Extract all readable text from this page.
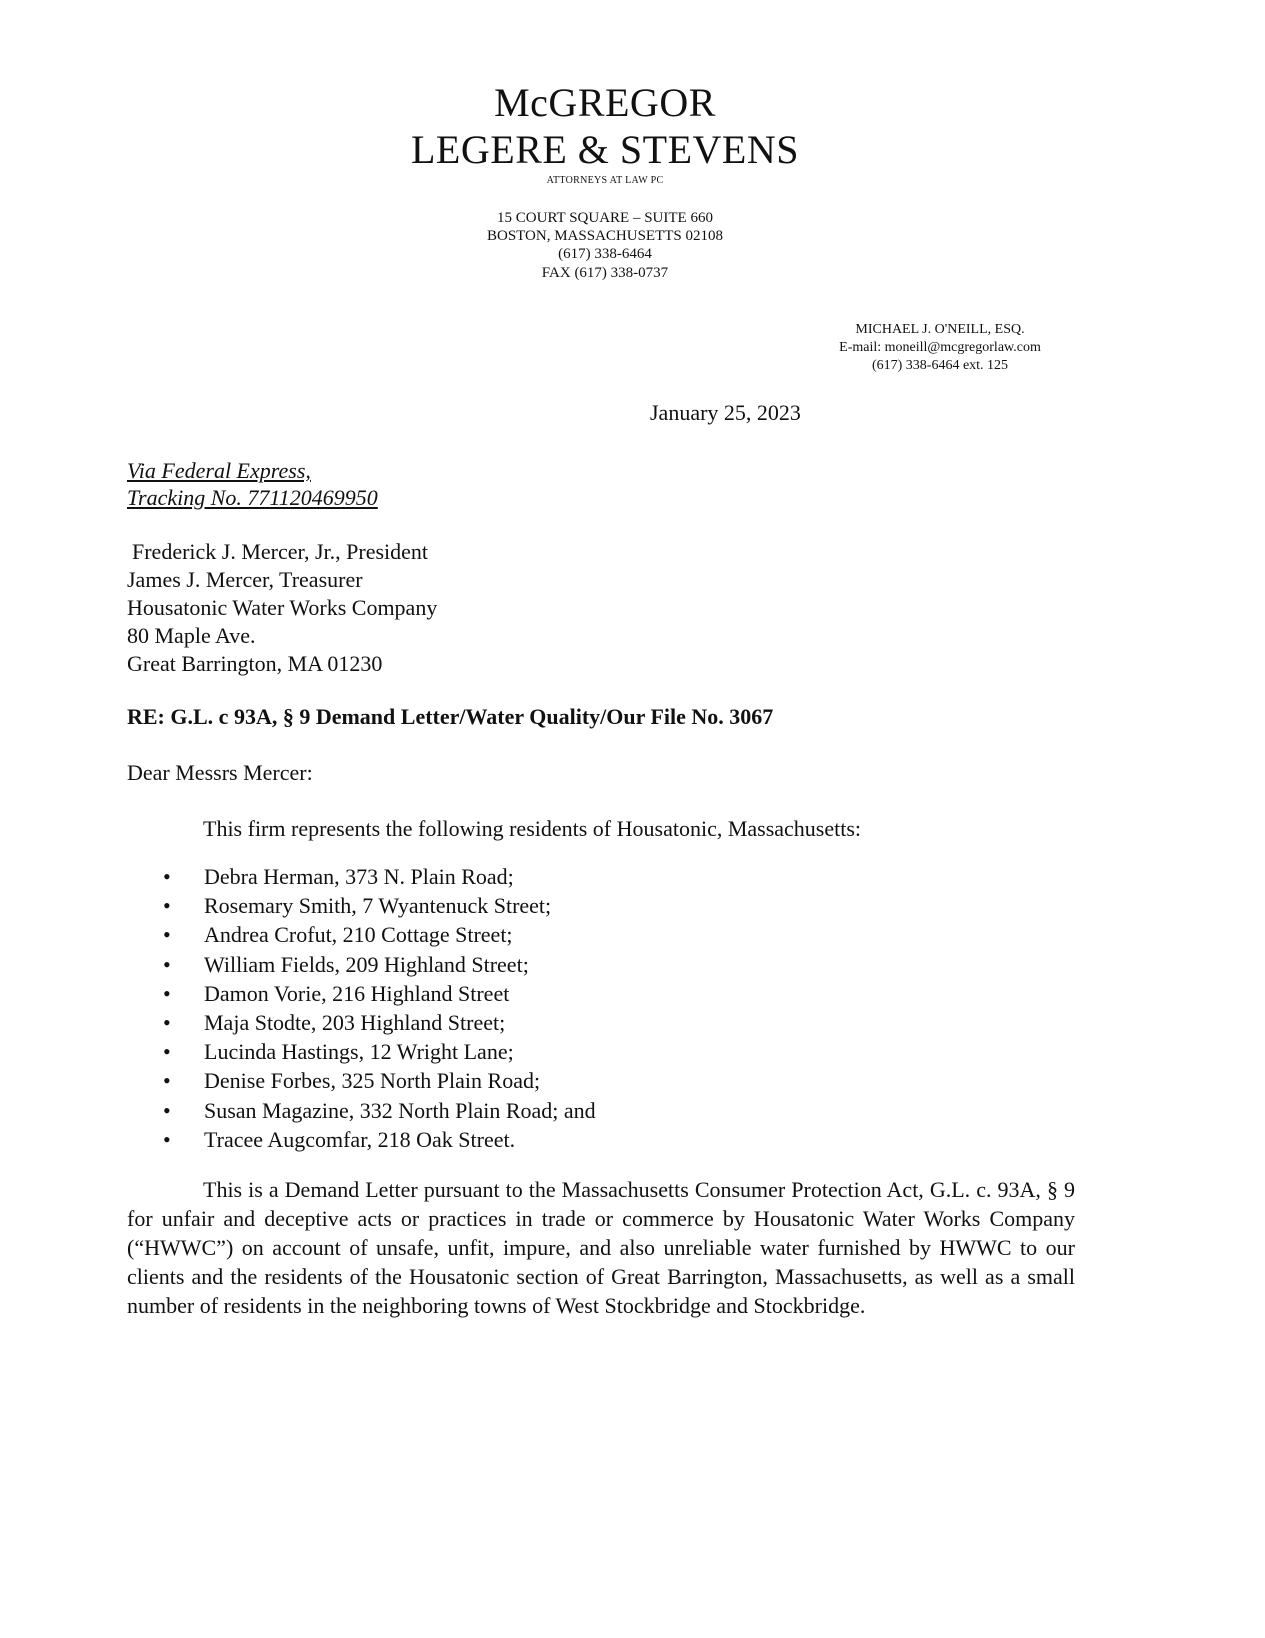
McGREGOR
LEGERE & STEVENS
ATTORNEYS AT LAW PC
15 COURT SQUARE – SUITE 660
BOSTON, MASSACHUSETTS 02108
(617) 338-6464
FAX (617) 338-0737
MICHAEL J. O'NEILL, ESQ.
E-mail: moneill@mcgregorlaw.com
(617) 338-6464 ext. 125
January 25, 2023
Via Federal Express,
Tracking No. 771120469950
Frederick J. Mercer, Jr., President
James J. Mercer, Treasurer
Housatonic Water Works Company
80 Maple Ave.
Great Barrington, MA 01230
RE: G.L. c 93A, § 9 Demand Letter/Water Quality/Our File No. 3067
Dear Messrs Mercer:
This firm represents the following residents of Housatonic, Massachusetts:
• Debra Herman, 373 N. Plain Road;
• Rosemary Smith, 7 Wyantenuck Street;
• Andrea Crofut, 210 Cottage Street;
• William Fields, 209 Highland Street;
• Damon Vorie, 216 Highland Street
• Maja Stodte, 203 Highland Street;
• Lucinda Hastings, 12 Wright Lane;
• Denise Forbes, 325 North Plain Road;
• Susan Magazine, 332 North Plain Road; and
• Tracee Augcomfar, 218 Oak Street.
This is a Demand Letter pursuant to the Massachusetts Consumer Protection Act, G.L. c. 93A, § 9 for unfair and deceptive acts or practices in trade or commerce by Housatonic Water Works Company (“HWWC”) on account of unsafe, unfit, impure, and also unreliable water furnished by HWWC to our clients and the residents of the Housatonic section of Great Barrington, Massachusetts, as well as a small number of residents in the neighboring towns of West Stockbridge and Stockbridge.
